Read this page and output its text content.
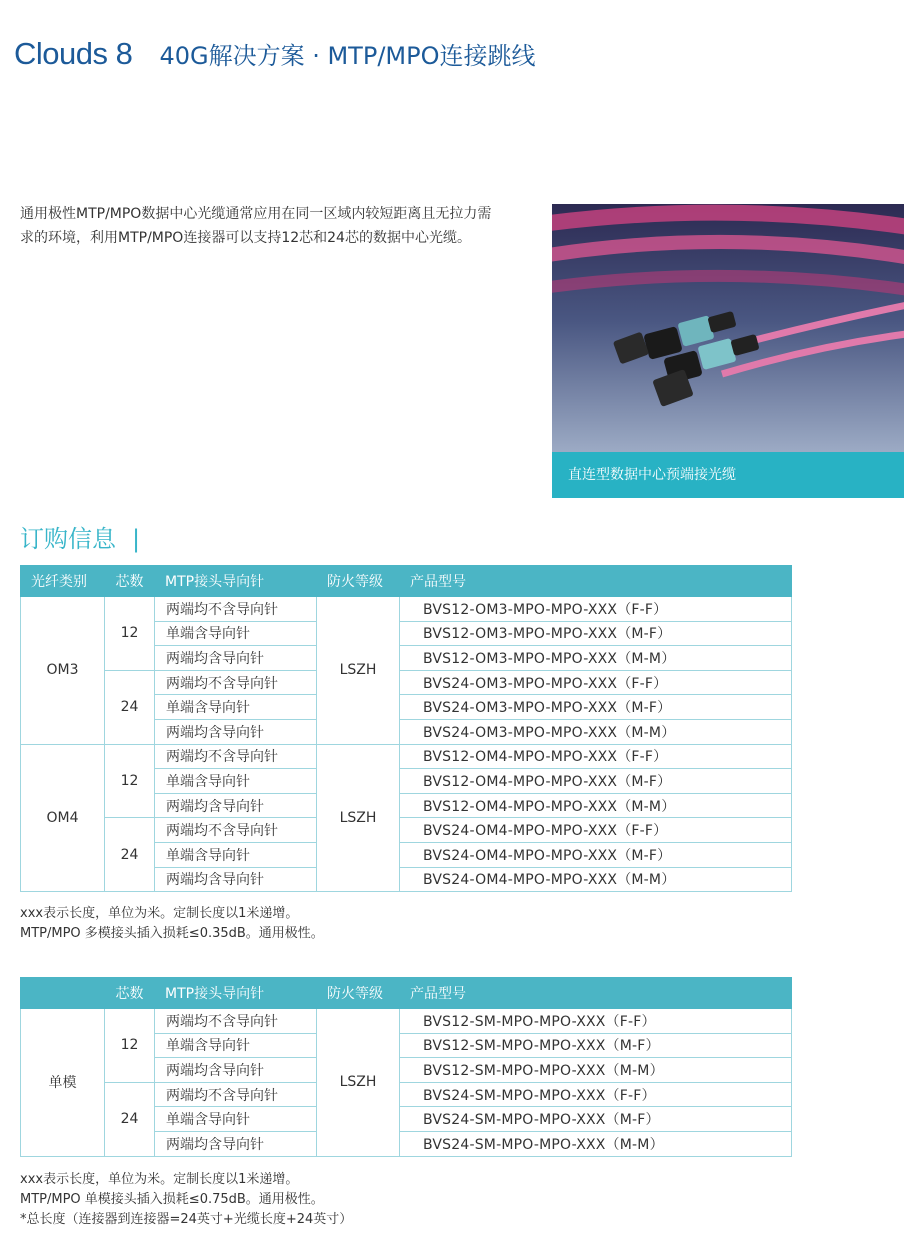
Clouds 8 40G解决方案 · MTP/MPO连接跳线
通用极性MTP/MPO数据中心光缆通常应用在同一区域内较短距离且无拉力需求的环境，利用MTP/MPO连接器可以支持12芯和24芯的数据中心光缆。
直连型数据中心预端接光缆
订购信息 |
光纤类别	芯数	MTP接头导向针	防火等级	产品型号
OM3	12	两端均不含导向针	LSZH	BVS12-OM3-MPO-MPO-XXX（F-F）
		单端含导向针		BVS12-OM3-MPO-MPO-XXX（M-F）
		两端均含导向针		BVS12-OM3-MPO-MPO-XXX（M-M）
	24	两端均不含导向针		BVS24-OM3-MPO-MPO-XXX（F-F）
		单端含导向针		BVS24-OM3-MPO-MPO-XXX（M-F）
		两端均含导向针		BVS24-OM3-MPO-MPO-XXX（M-M）
OM4	12	两端均不含导向针	LSZH	BVS12-OM4-MPO-MPO-XXX（F-F）
		单端含导向针		BVS12-OM4-MPO-MPO-XXX（M-F）
		两端均含导向针		BVS12-OM4-MPO-MPO-XXX（M-M）
	24	两端均不含导向针		BVS24-OM4-MPO-MPO-XXX（F-F）
		单端含导向针		BVS24-OM4-MPO-MPO-XXX（M-F）
		两端均含导向针		BVS24-OM4-MPO-MPO-XXX（M-M）
xxx表示长度，单位为米。定制长度以1米递增。
MTP/MPO 多模接头插入损耗≤0.35dB。通用极性。
	芯数	MTP接头导向针	防火等级	产品型号
单模	12	两端均不含导向针	LSZH	BVS12-SM-MPO-MPO-XXX（F-F）
		单端含导向针		BVS12-SM-MPO-MPO-XXX（M-F）
		两端均含导向针		BVS12-SM-MPO-MPO-XXX（M-M）
	24	两端均不含导向针		BVS24-SM-MPO-MPO-XXX（F-F）
		单端含导向针		BVS24-SM-MPO-MPO-XXX（M-F）
		两端均含导向针		BVS24-SM-MPO-MPO-XXX（M-M）
xxx表示长度，单位为米。定制长度以1米递增。
MTP/MPO 单模接头插入损耗≤0.75dB。通用极性。
*总长度（连接器到连接器=24英寸+光缆长度+24英寸）
